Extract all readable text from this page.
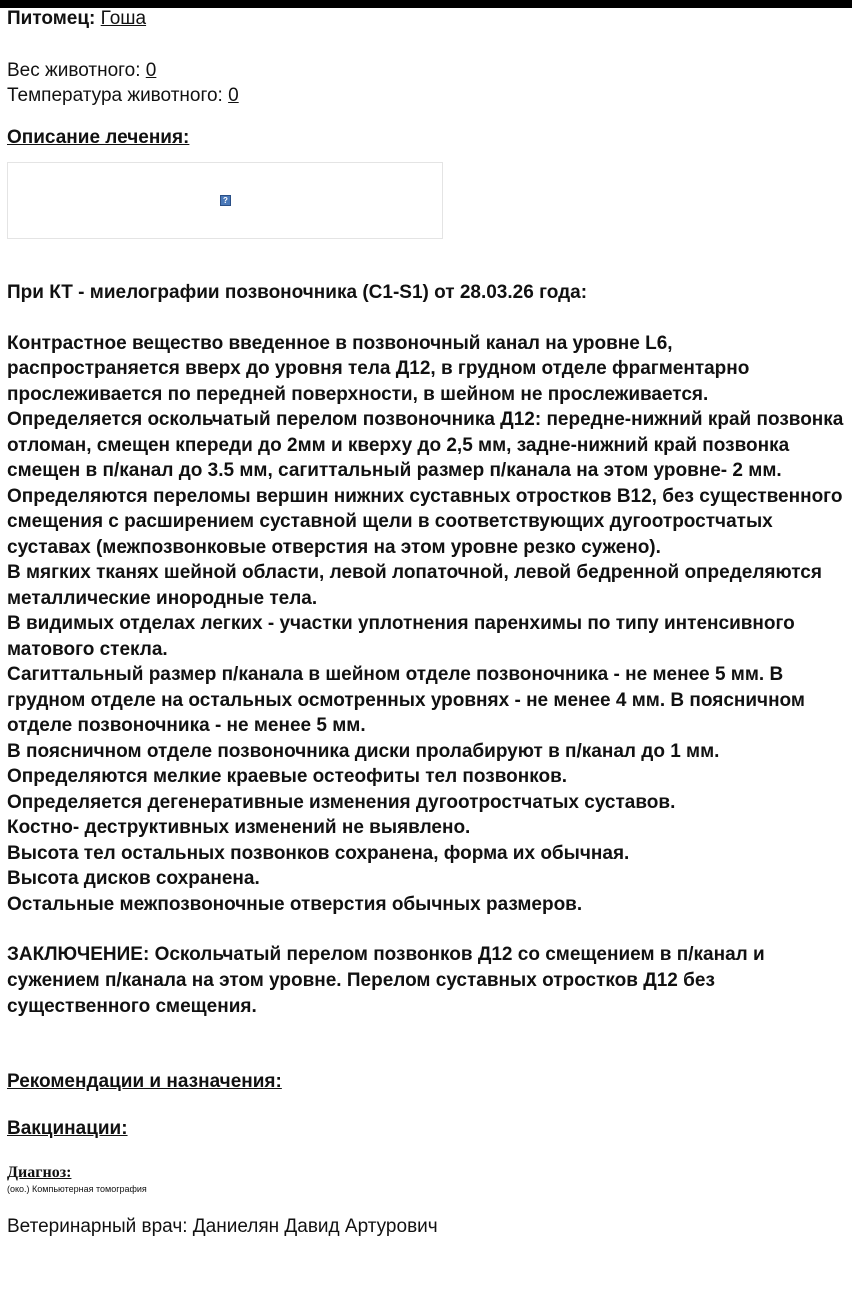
Питомец: Гоша
Вес животного: 0
Температура животного: 0
Описание лечения:
?

При КТ - миелографии позвоночника (C1-S1) от 28.03.26 года:

Контрастное вещество введенное в позвоночный канал на уровне L6, распространяется вверх до уровня тела Д12, в грудном отделе фрагментарно прослеживается по передней поверхности, в шейном не прослеживается.

Определяется оскольчатый перелом позвоночника Д12: передне-нижний край позвонка отломан, смещен кпереди до 2мм и кверху до 2,5 мм, задне-нижний край позвонка смещен в п/канал до 3.5 мм, сагиттальный размер п/канала на этом уровне- 2 мм. Определяются переломы вершин нижних суставных отростков В12, без существенного смещения с расширением суставной щели в соответствующих дугоотростчатых суставах (межпозвонковые отверстия на этом уровне резко сужено).

В мягких тканях шейной области, левой лопаточной, левой бедренной определяются металлические инородные тела.

В видимых отделах легких - участки уплотнения паренхимы по типу интенсивного матового стекла.

Сагиттальный размер п/канала в шейном отделе позвоночника - не менее 5 мм. В грудном отделе на остальных осмотренных уровнях - не менее 4 мм. В поясничном отделе позвоночника - не менее 5 мм.

В поясничном отделе позвоночника диски пролабируют в п/канал до 1 мм.

Определяются мелкие краевые остеофиты тел позвонков.

Определяется дегенеративные изменения дугоотростчатых суставов.

Костно- деструктивных изменений не выявлено.

Высота тел остальных позвонков сохранена, форма их обычная.

Высота дисков сохранена.

Остальные межпозвоночные отверстия обычных размеров.

ЗАКЛЮЧЕНИЕ: Оскольчатый перелом позвонков Д12 со смещением в п/канал и сужением п/канала на этом уровне. Перелом суставных отростков Д12 без существенного смещения.
Рекомендации и назначения:
Вакцинации:
Диагноз:
(око.) Компьютерная томография
Ветеринарный врач: Даниелян Давид Артурович
